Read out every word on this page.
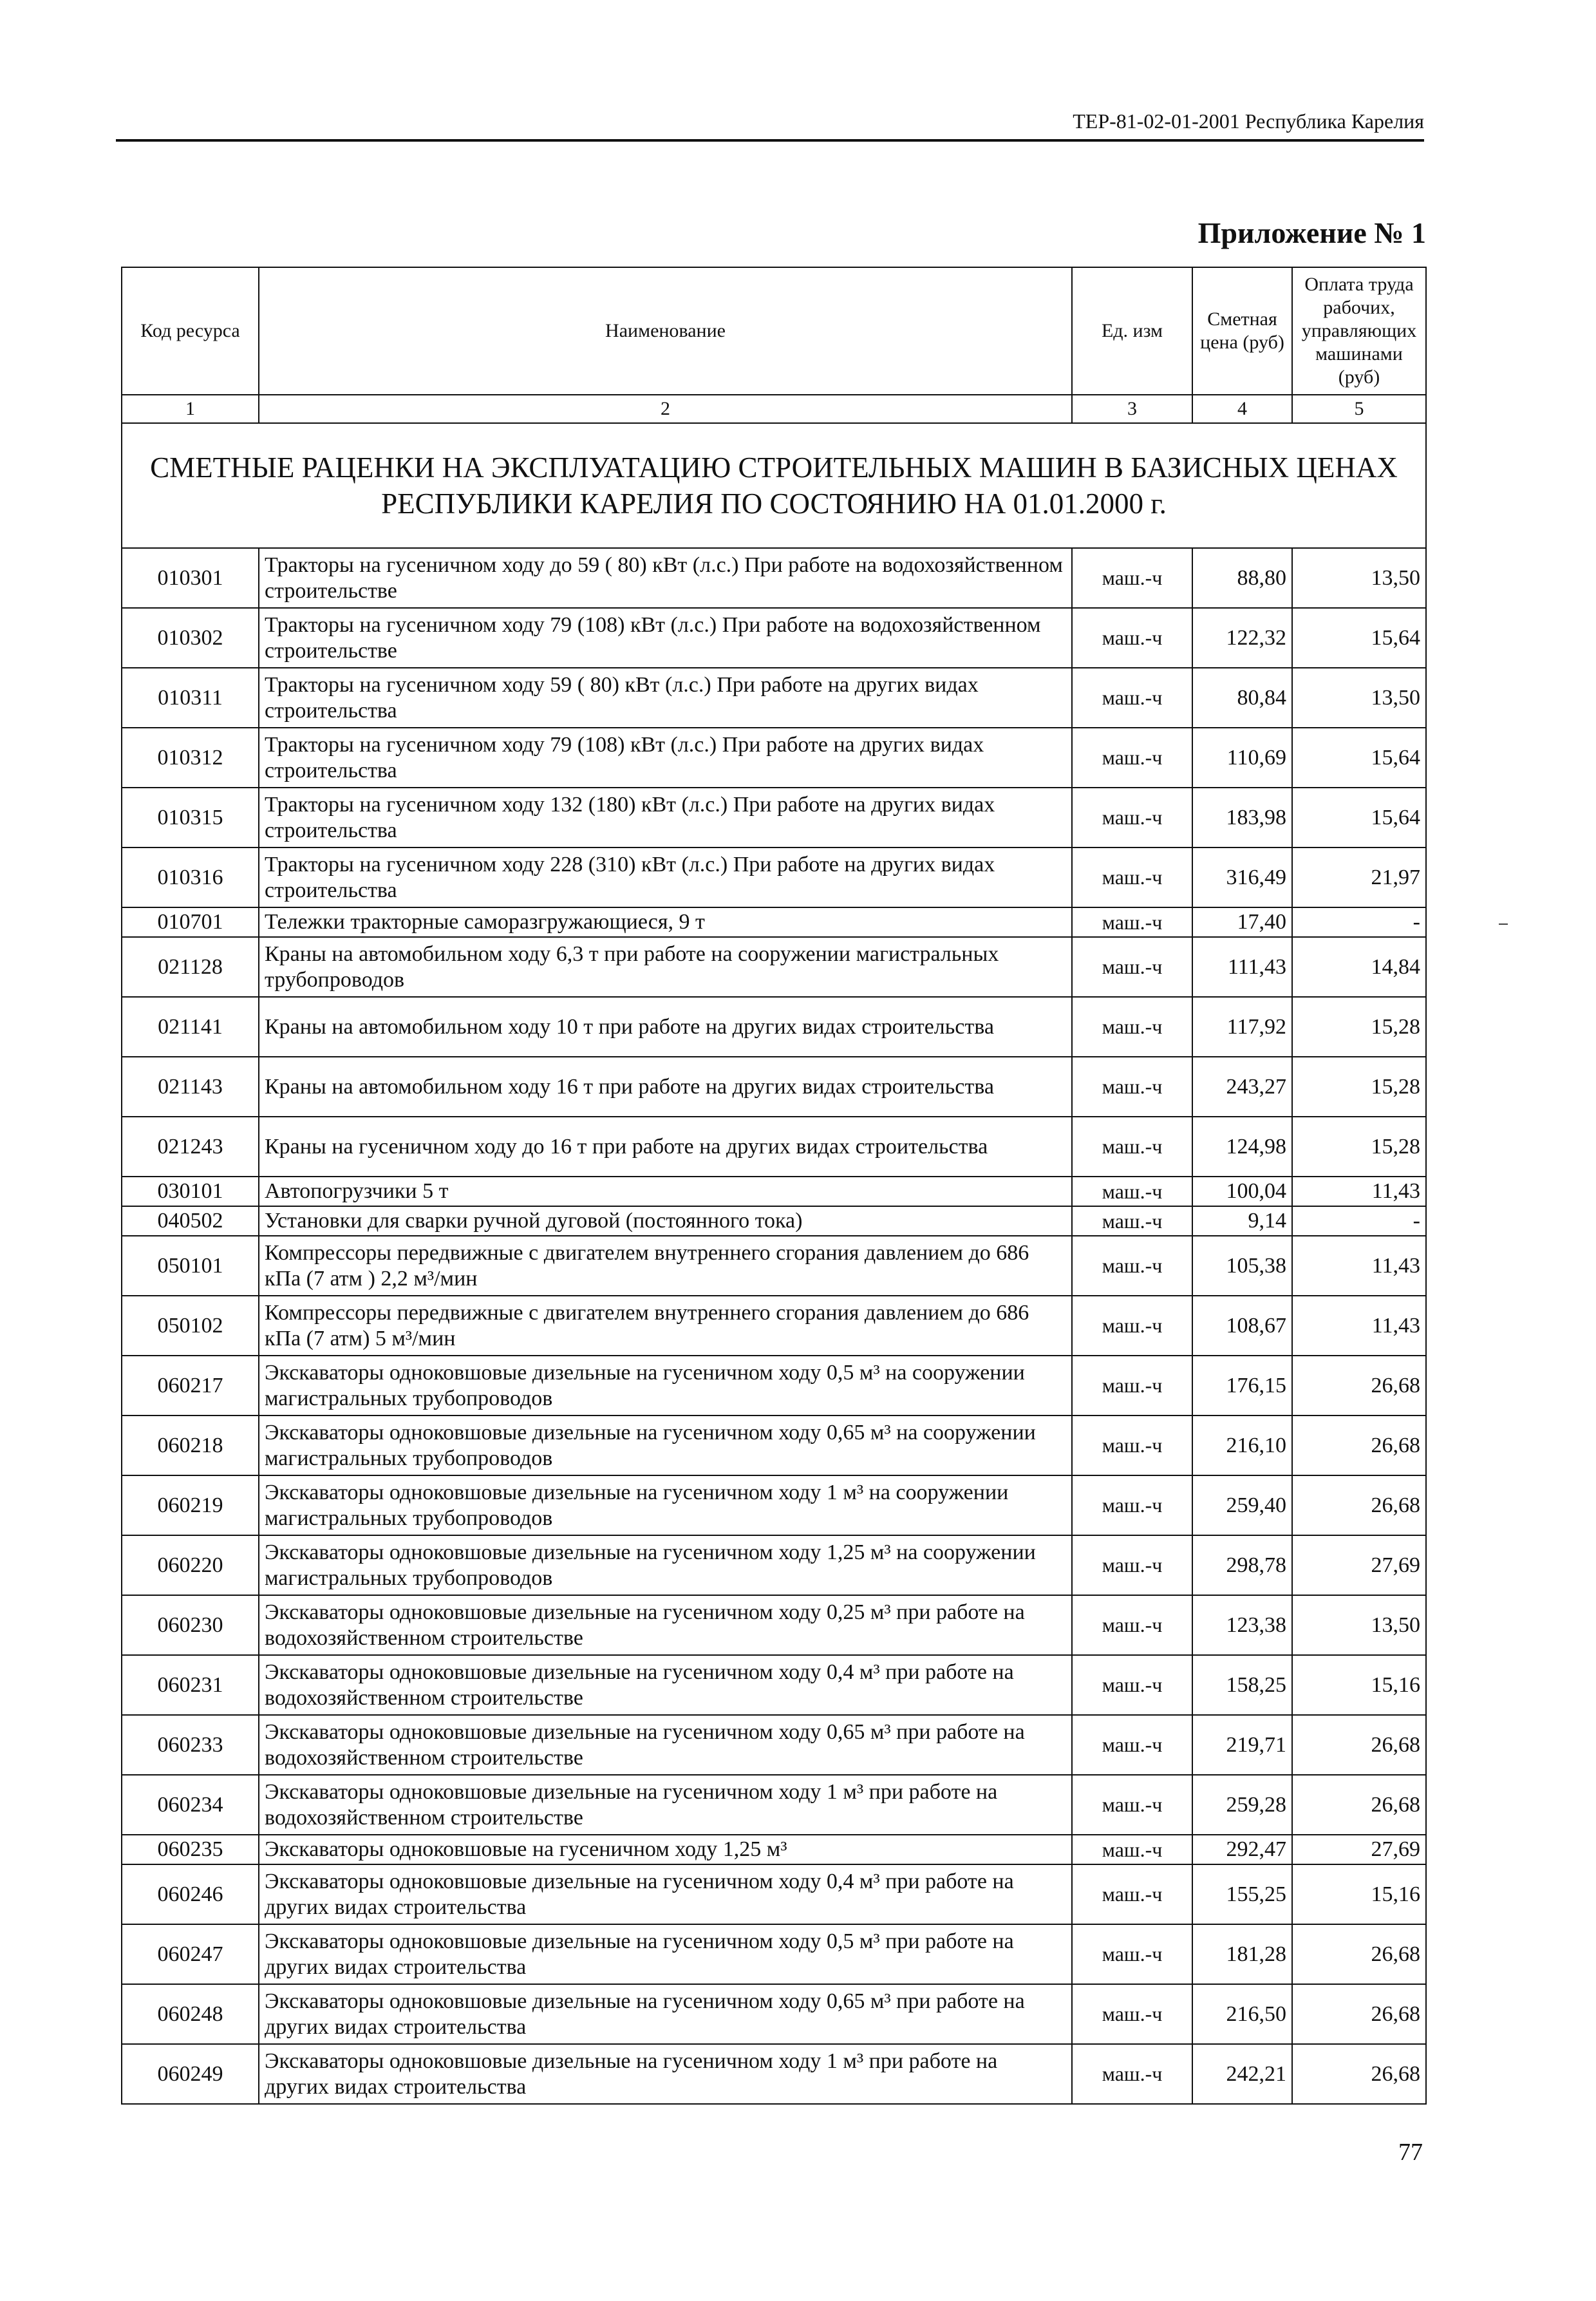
ТЕР-81-02-01-2001 Республика Карелия
Приложение № 1
Код ресурса	Наименование	Ед. изм	Сметная цена (руб)	Оплата труда рабочих, управляющих машинами (руб)
1	2	3	4	5
СМЕТНЫЕ РАЦЕНКИ НА ЭКСПЛУАТАЦИЮ СТРОИТЕЛЬНЫХ МАШИН В БАЗИСНЫХ ЦЕНАХ РЕСПУБЛИКИ КАРЕЛИЯ ПО СОСТОЯНИЮ НА 01.01.2000 г.				
010301	Тракторы на гусеничном ходу до 59 ( 80) кВт (л.с.) При работе на водохозяйственном строительстве	маш.-ч	88,80	13,50
010302	Тракторы на гусеничном ходу 79 (108) кВт (л.с.) При работе на водохозяйственном строительстве	маш.-ч	122,32	15,64
010311	Тракторы на гусеничном ходу 59 ( 80) кВт (л.с.) При работе на других видах строительства	маш.-ч	80,84	13,50
010312	Тракторы на гусеничном ходу 79 (108) кВт (л.с.) При работе на других видах строительства	маш.-ч	110,69	15,64
010315	Тракторы на гусеничном ходу 132 (180) кВт (л.с.) При работе на других видах строительства	маш.-ч	183,98	15,64
010316	Тракторы на гусеничном ходу 228 (310) кВт (л.с.) При работе на других видах строительства	маш.-ч	316,49	21,97
010701	Тележки тракторные саморазгружающиеся, 9 т	маш.-ч	17,40	-
021128	Краны на автомобильном ходу 6,3 т при работе на сооружении магистральных трубопроводов	маш.-ч	111,43	14,84
021141	Краны на автомобильном ходу 10 т при работе на других видах строительства	маш.-ч	117,92	15,28
021143	Краны на автомобильном ходу 16 т при работе на других видах строительства	маш.-ч	243,27	15,28
021243	Краны на гусеничном ходу до 16 т при работе на других видах строительства	маш.-ч	124,98	15,28
030101	Автопогрузчики 5 т	маш.-ч	100,04	11,43
040502	Установки для сварки ручной дуговой (постоянного тока)	маш.-ч	9,14	-
050101	Компрессоры передвижные с двигателем внутреннего сгорания давлением до 686 кПа (7 атм ) 2,2 м³/мин	маш.-ч	105,38	11,43
050102	Компрессоры передвижные с двигателем внутреннего сгорания давлением до 686 кПа (7 атм) 5 м³/мин	маш.-ч	108,67	11,43
060217	Экскаваторы одноковшовые дизельные на гусеничном ходу 0,5 м³ на сооружении магистральных трубопроводов	маш.-ч	176,15	26,68
060218	Экскаваторы одноковшовые дизельные на гусеничном ходу 0,65 м³ на сооружении магистральных трубопроводов	маш.-ч	216,10	26,68
060219	Экскаваторы одноковшовые дизельные на гусеничном ходу 1 м³ на сооружении магистральных трубопроводов	маш.-ч	259,40	26,68
060220	Экскаваторы одноковшовые дизельные на гусеничном ходу 1,25 м³ на сооружении магистральных трубопроводов	маш.-ч	298,78	27,69
060230	Экскаваторы одноковшовые дизельные на гусеничном ходу 0,25 м³ при работе на водохозяйственном строительстве	маш.-ч	123,38	13,50
060231	Экскаваторы одноковшовые дизельные на гусеничном ходу 0,4 м³ при работе на водохозяйственном строительстве	маш.-ч	158,25	15,16
060233	Экскаваторы одноковшовые дизельные на гусеничном ходу 0,65 м³ при работе на водохозяйственном строительстве	маш.-ч	219,71	26,68
060234	Экскаваторы одноковшовые дизельные на гусеничном ходу 1 м³ при работе на водохозяйственном строительстве	маш.-ч	259,28	26,68
060235	Экскаваторы одноковшовые на гусеничном ходу 1,25 м³	маш.-ч	292,47	27,69
060246	Экскаваторы одноковшовые дизельные на гусеничном ходу 0,4 м³ при работе на других видах строительства	маш.-ч	155,25	15,16
060247	Экскаваторы одноковшовые дизельные на гусеничном ходу 0,5 м³ при работе на других видах строительства	маш.-ч	181,28	26,68
060248	Экскаваторы одноковшовые дизельные на гусеничном ходу 0,65 м³ при работе на других видах строительства	маш.-ч	216,50	26,68
060249	Экскаваторы одноковшовые дизельные на гусеничном ходу 1 м³ при работе на других видах строительства	маш.-ч	242,21	26,68
77
